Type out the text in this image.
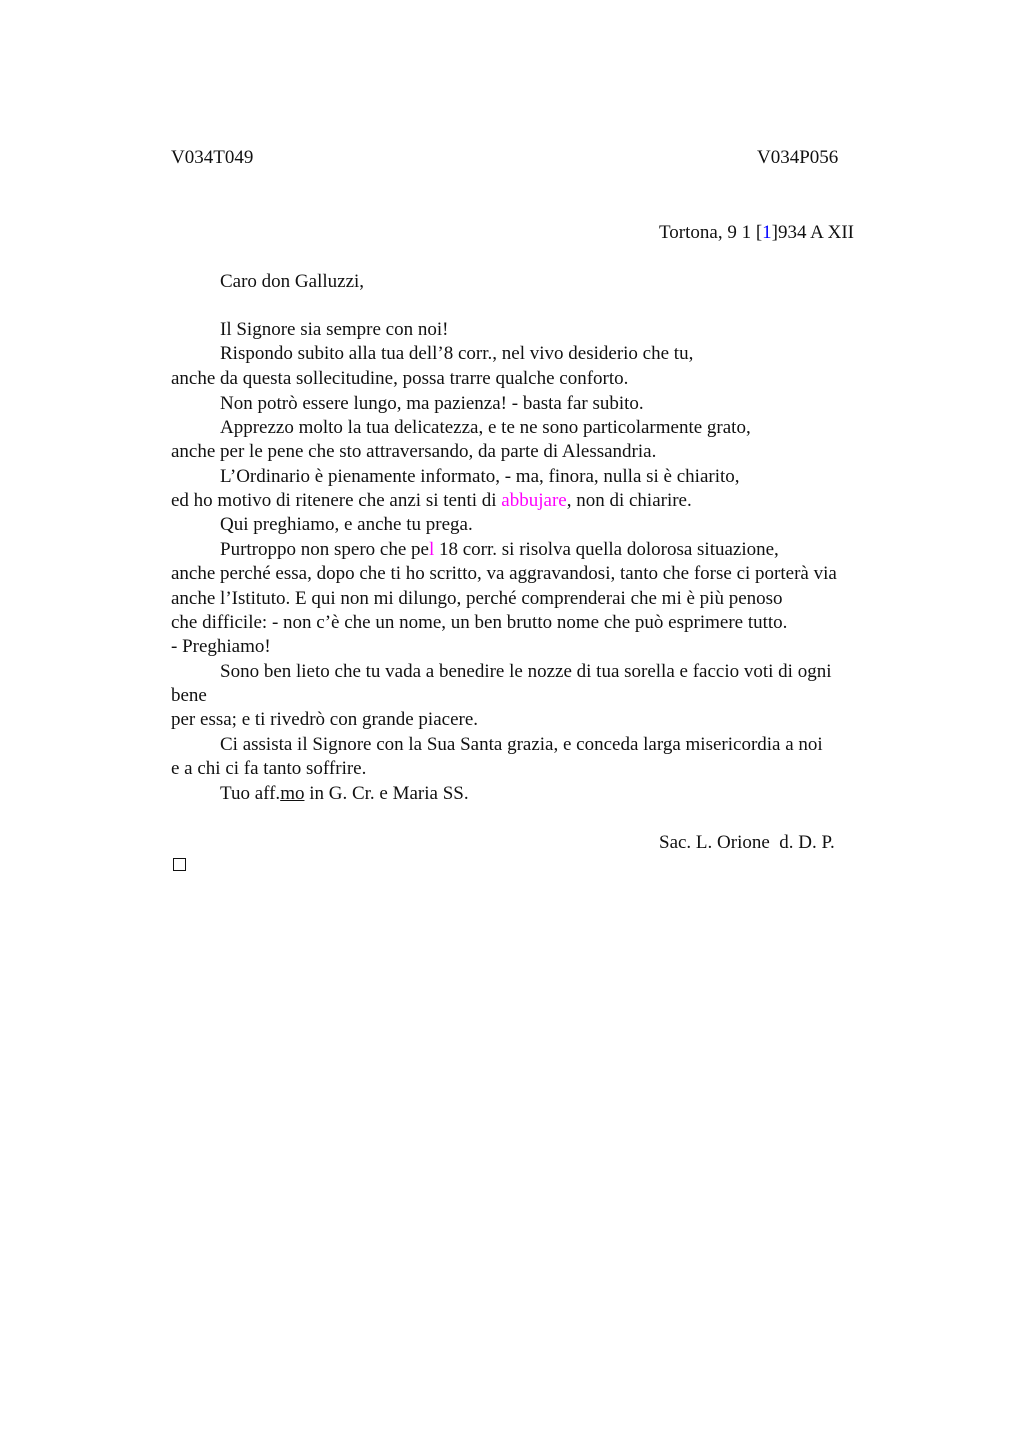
V034T049	V034P056
Tortona, 9 1 [1]934 A XII
Caro don Galluzzi,
Il Signore sia sempre con noi!
Rispondo subito alla tua dell’8 corr., nel vivo desiderio che tu,
anche da questa sollecitudine, possa trarre qualche conforto.
Non potrò essere lungo, ma pazienza! - basta far subito.
Apprezzo molto la tua delicatezza, e te ne sono particolarmente grato,
anche per le pene che sto attraversando, da parte di Alessandria.
L’Ordinario è pienamente informato, - ma, finora, nulla si è chiarito,
ed ho motivo di ritenere che anzi si tenti di abbujare, non di chiarire.
Qui preghiamo, e anche tu prega.
Purtroppo non spero che pel 18 corr. si risolva quella dolorosa situazione,
anche perché essa, dopo che ti ho scritto, va aggravandosi, tanto che forse ci porterà via
anche l’Istituto. E qui non mi dilungo, perché comprenderai che mi è più penoso
che difficile: - non c’è che un nome, un ben brutto nome che può esprimere tutto.
- Preghiamo!
Sono ben lieto che tu vada a benedire le nozze di tua sorella e faccio voti di ogni
bene
per essa; e ti rivedrò con grande piacere.
Ci assista il Signore con la Sua Santa grazia, e conceda larga misericordia a noi
e a chi ci fa tanto soffrire.
Tuo aff.mo in G. Cr. e Maria SS.
Sac. L. Orione  d. D. P.
